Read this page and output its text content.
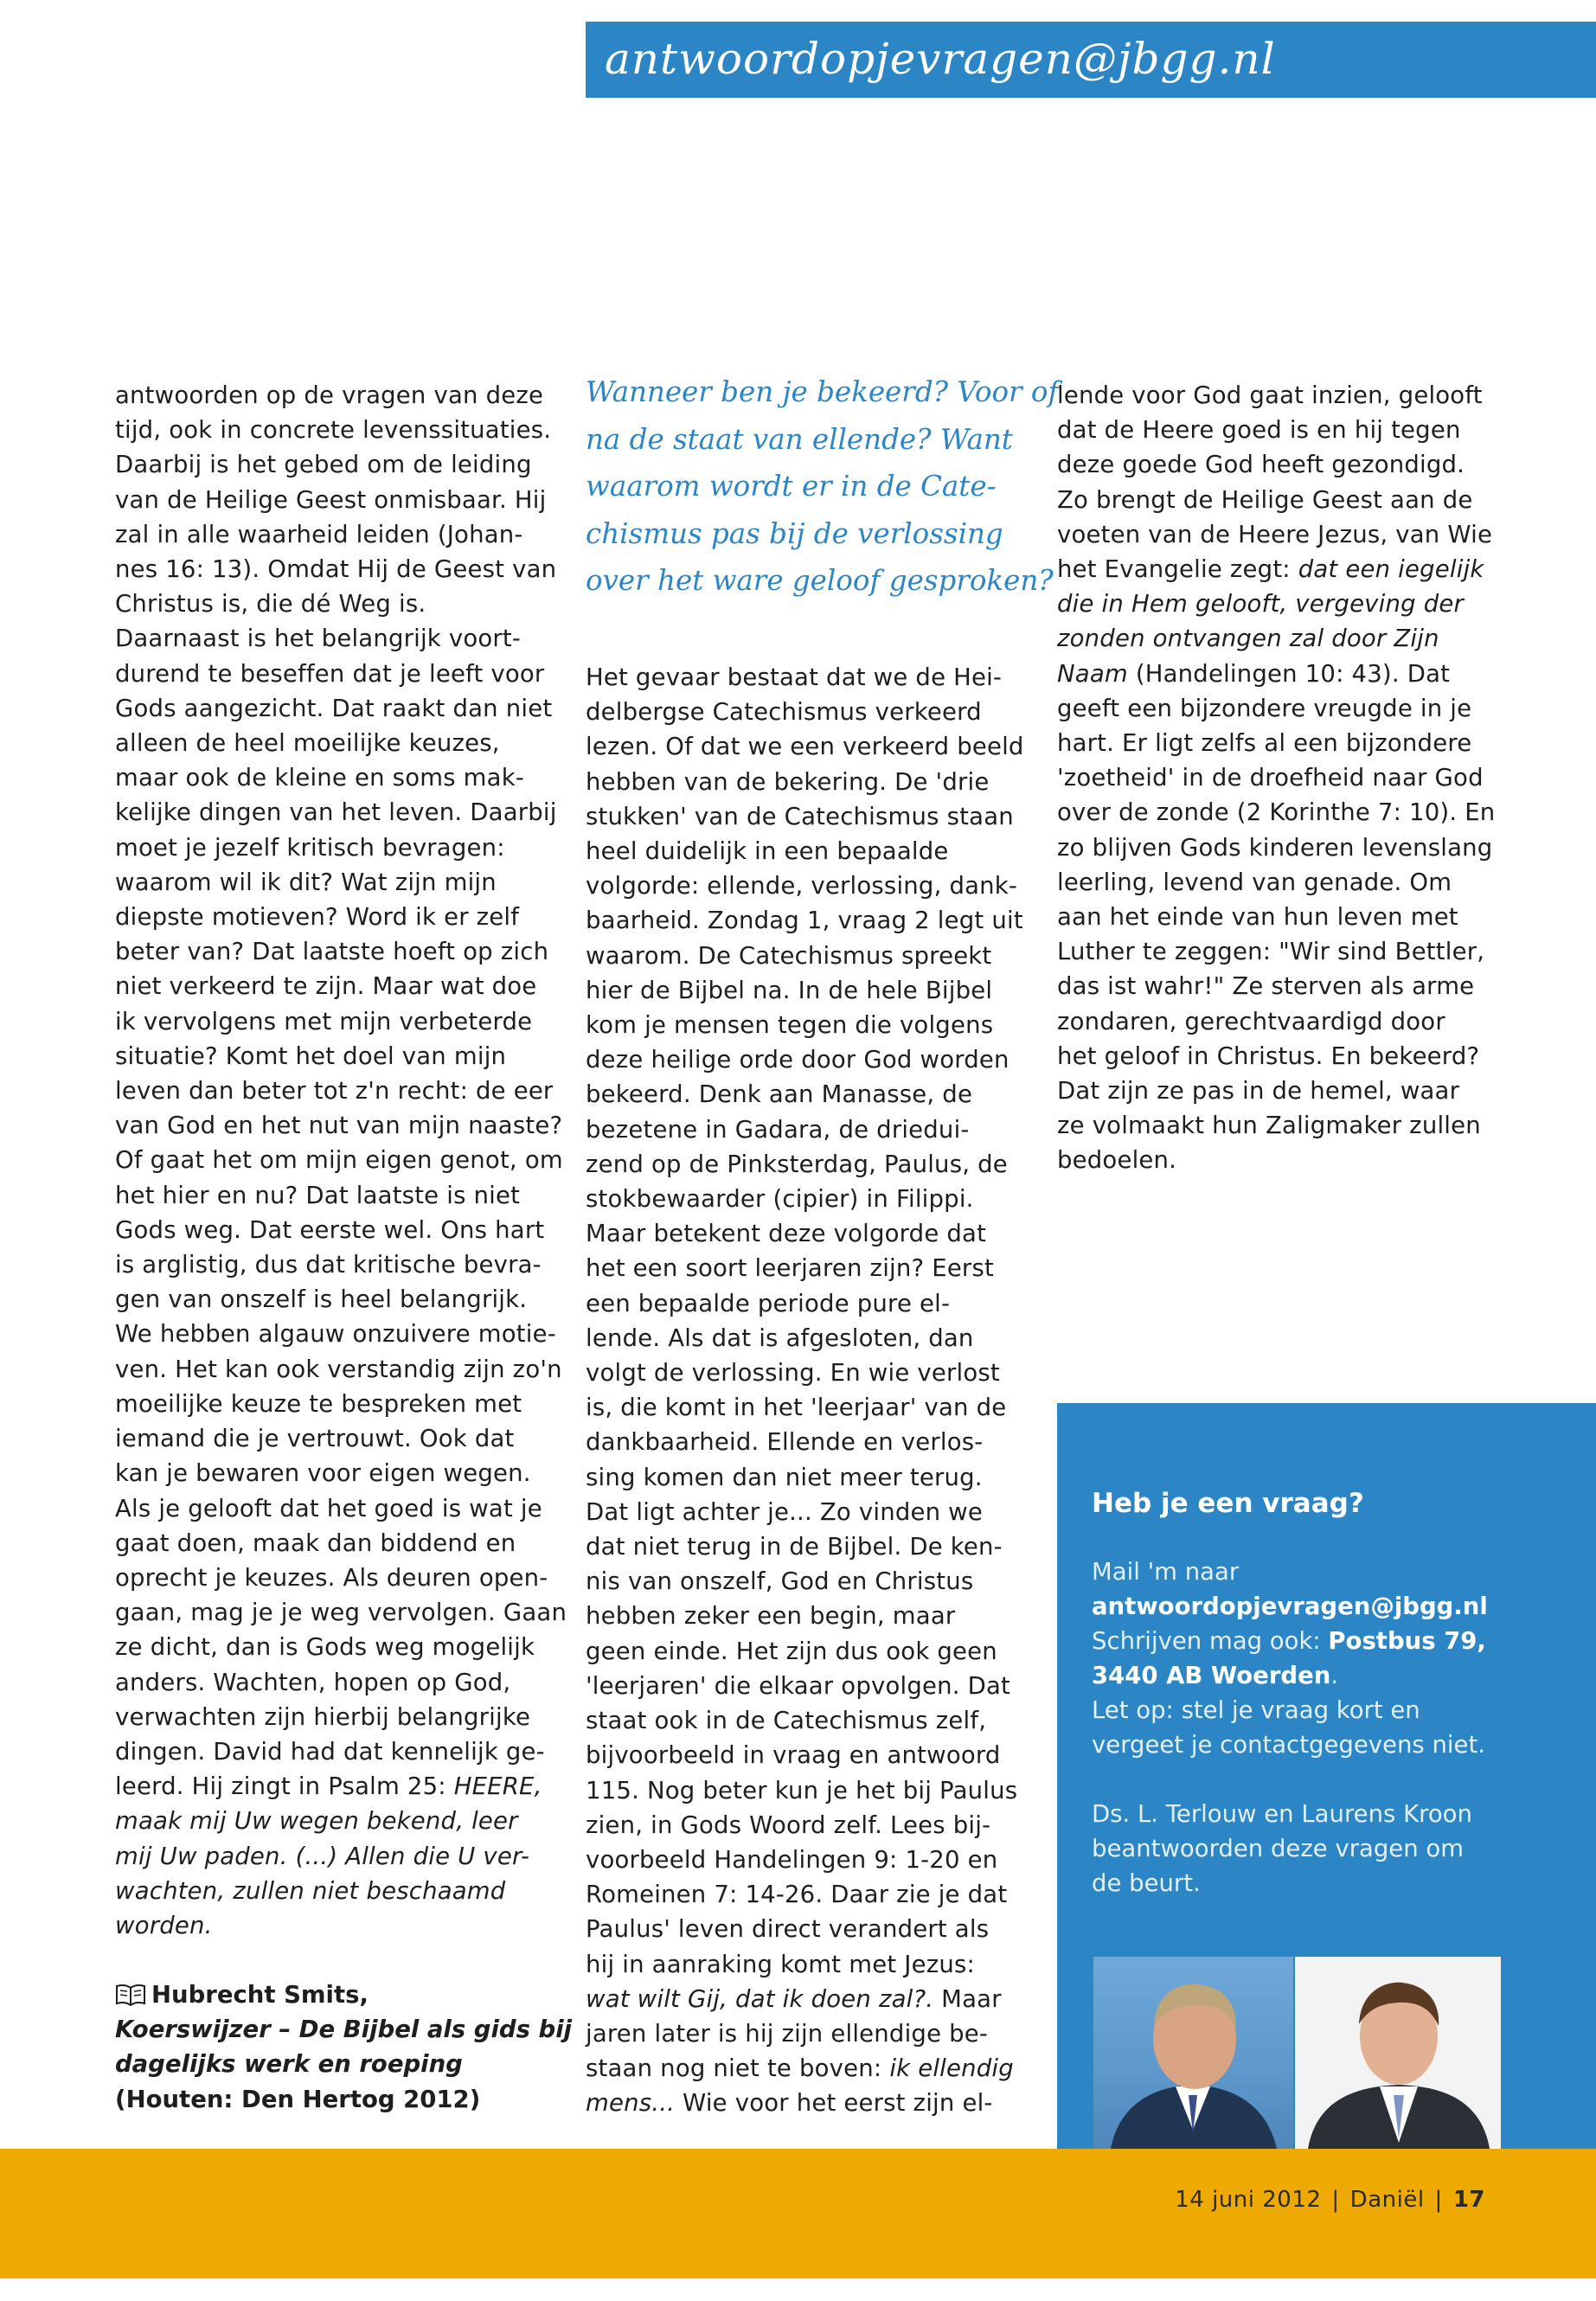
antwoordopjevragen@jbgg.nl

antwoorden op de vragen van deze

tijd, ook in concrete levenssituaties.

Daarbij is het gebed om de leiding

van de Heilige Geest onmisbaar. Hij

zal in alle waarheid leiden (Johan-

nes 16: 13). Omdat Hij de Geest van

Christus is, die dé Weg is.

Daarnaast is het belangrijk voort-

durend te beseffen dat je leeft voor

Gods aangezicht. Dat raakt dan niet

alleen de heel moeilijke keuzes,

maar ook de kleine en soms mak-

kelijke dingen van het leven. Daarbij

moet je jezelf kritisch bevragen:

waarom wil ik dit? Wat zijn mijn

diepste motieven? Word ik er zelf

beter van? Dat laatste hoeft op zich

niet verkeerd te zijn. Maar wat doe

ik vervolgens met mijn verbeterde

situatie? Komt het doel van mijn

leven dan beter tot z'n recht: de eer

van God en het nut van mijn naaste?

Of gaat het om mijn eigen genot, om

het hier en nu? Dat laatste is niet

Gods weg. Dat eerste wel. Ons hart

is arglistig, dus dat kritische bevra-

gen van onszelf is heel belangrijk.

We hebben algauw onzuivere motie-

ven. Het kan ook verstandig zijn zo'n

moeilijke keuze te bespreken met

iemand die je vertrouwt. Ook dat

kan je bewaren voor eigen wegen.

Als je gelooft dat het goed is wat je

gaat doen, maak dan biddend en

oprecht je keuzes. Als deuren open-

gaan, mag je je weg vervolgen. Gaan

ze dicht, dan is Gods weg mogelijk

anders. Wachten, hopen op God,

verwachten zijn hierbij belangrijke

dingen. David had dat kennelijk ge-

leerd. Hij zingt in Psalm 25: HEERE,

maak mij Uw wegen bekend, leer

mij Uw paden. (...) Allen die U ver-

wachten, zullen niet beschaamd

worden.

Hubrecht Smits,

Koerswijzer – De Bijbel als gids bij

dagelijks werk en roeping

(Houten: Den Hertog 2012)

Wanneer ben je bekeerd? Voor of

na de staat van ellende? Want

waarom wordt er in de Cate-

chismus pas bij de verlossing

over het ware geloof gesproken?

Het gevaar bestaat dat we de Hei-

delbergse Catechismus verkeerd

lezen. Of dat we een verkeerd beeld

hebben van de bekering. De 'drie

stukken' van de Catechismus staan

heel duidelijk in een bepaalde

volgorde: ellende, verlossing, dank-

baarheid. Zondag 1, vraag 2 legt uit

waarom. De Catechismus spreekt

hier de Bijbel na. In de hele Bijbel

kom je mensen tegen die volgens

deze heilige orde door God worden

bekeerd. Denk aan Manasse, de

bezetene in Gadara, de drieduі-

zend op de Pinksterdag, Paulus, de

stokbewaarder (cipier) in Filippi.

Maar betekent deze volgorde dat

het een soort leerjaren zijn? Eerst

een bepaalde periode pure el-

lende. Als dat is afgesloten, dan

volgt de verlossing. En wie verlost

is, die komt in het 'leerjaar' van de

dankbaarheid. Ellende en verlos-

sing komen dan niet meer terug.

Dat ligt achter je... Zo vinden we

dat niet terug in de Bijbel. De ken-

nis van onszelf, God en Christus

hebben zeker een begin, maar

geen einde. Het zijn dus ook geen

'leerjaren' die elkaar opvolgen. Dat

staat ook in de Catechismus zelf,

bijvoorbeeld in vraag en antwoord

115. Nog beter kun je het bij Paulus

zien, in Gods Woord zelf. Lees bij-

voorbeeld Handelingen 9: 1-20 en

Romeinen 7: 14-26. Daar zie je dat

Paulus' leven direct verandert als

hij in aanraking komt met Jezus:

wat wilt Gij, dat ik doen zal?. Maar

jaren later is hij zijn ellendige be-

staan nog niet te boven: ik ellendig

mens... Wie voor het eerst zijn el-

lende voor God gaat inzien, gelooft

dat de Heere goed is en hij tegen

deze goede God heeft gezondigd.

Zo brengt de Heilige Geest aan de

voeten van de Heere Jezus, van Wie

het Evangelie zegt: dat een iegelijk

die in Hem gelooft, vergeving der

zonden ontvangen zal door Zijn

Naam (Handelingen 10: 43). Dat

geeft een bijzondere vreugde in je

hart. Er ligt zelfs al een bijzondere

'zoetheid' in de droefheid naar God

over de zonde (2 Korinthe 7: 10). En

zo blijven Gods kinderen levenslang

leerling, levend van genade. Om

aan het einde van hun leven met

Luther te zeggen: "Wir sind Bettler,

das ist wahr!" Ze sterven als arme

zondaren, gerechtvaardigd door

het geloof in Christus. En bekeerd?

Dat zijn ze pas in de hemel, waar

ze volmaakt hun Zaligmaker zullen

bedoelen.

Heb je een vraag?

Mail 'm naar

antwoordopjevragen@jbgg.nl

Schrijven mag ook: Postbus 79,

3440 AB Woerden.

Let op: stel je vraag kort en

vergeet je contactgegevens niet.

Ds. L. Terlouw en Laurens Kroon

beantwoorden deze vragen om

de beurt.

14 juni 2012 | Daniël | 17
